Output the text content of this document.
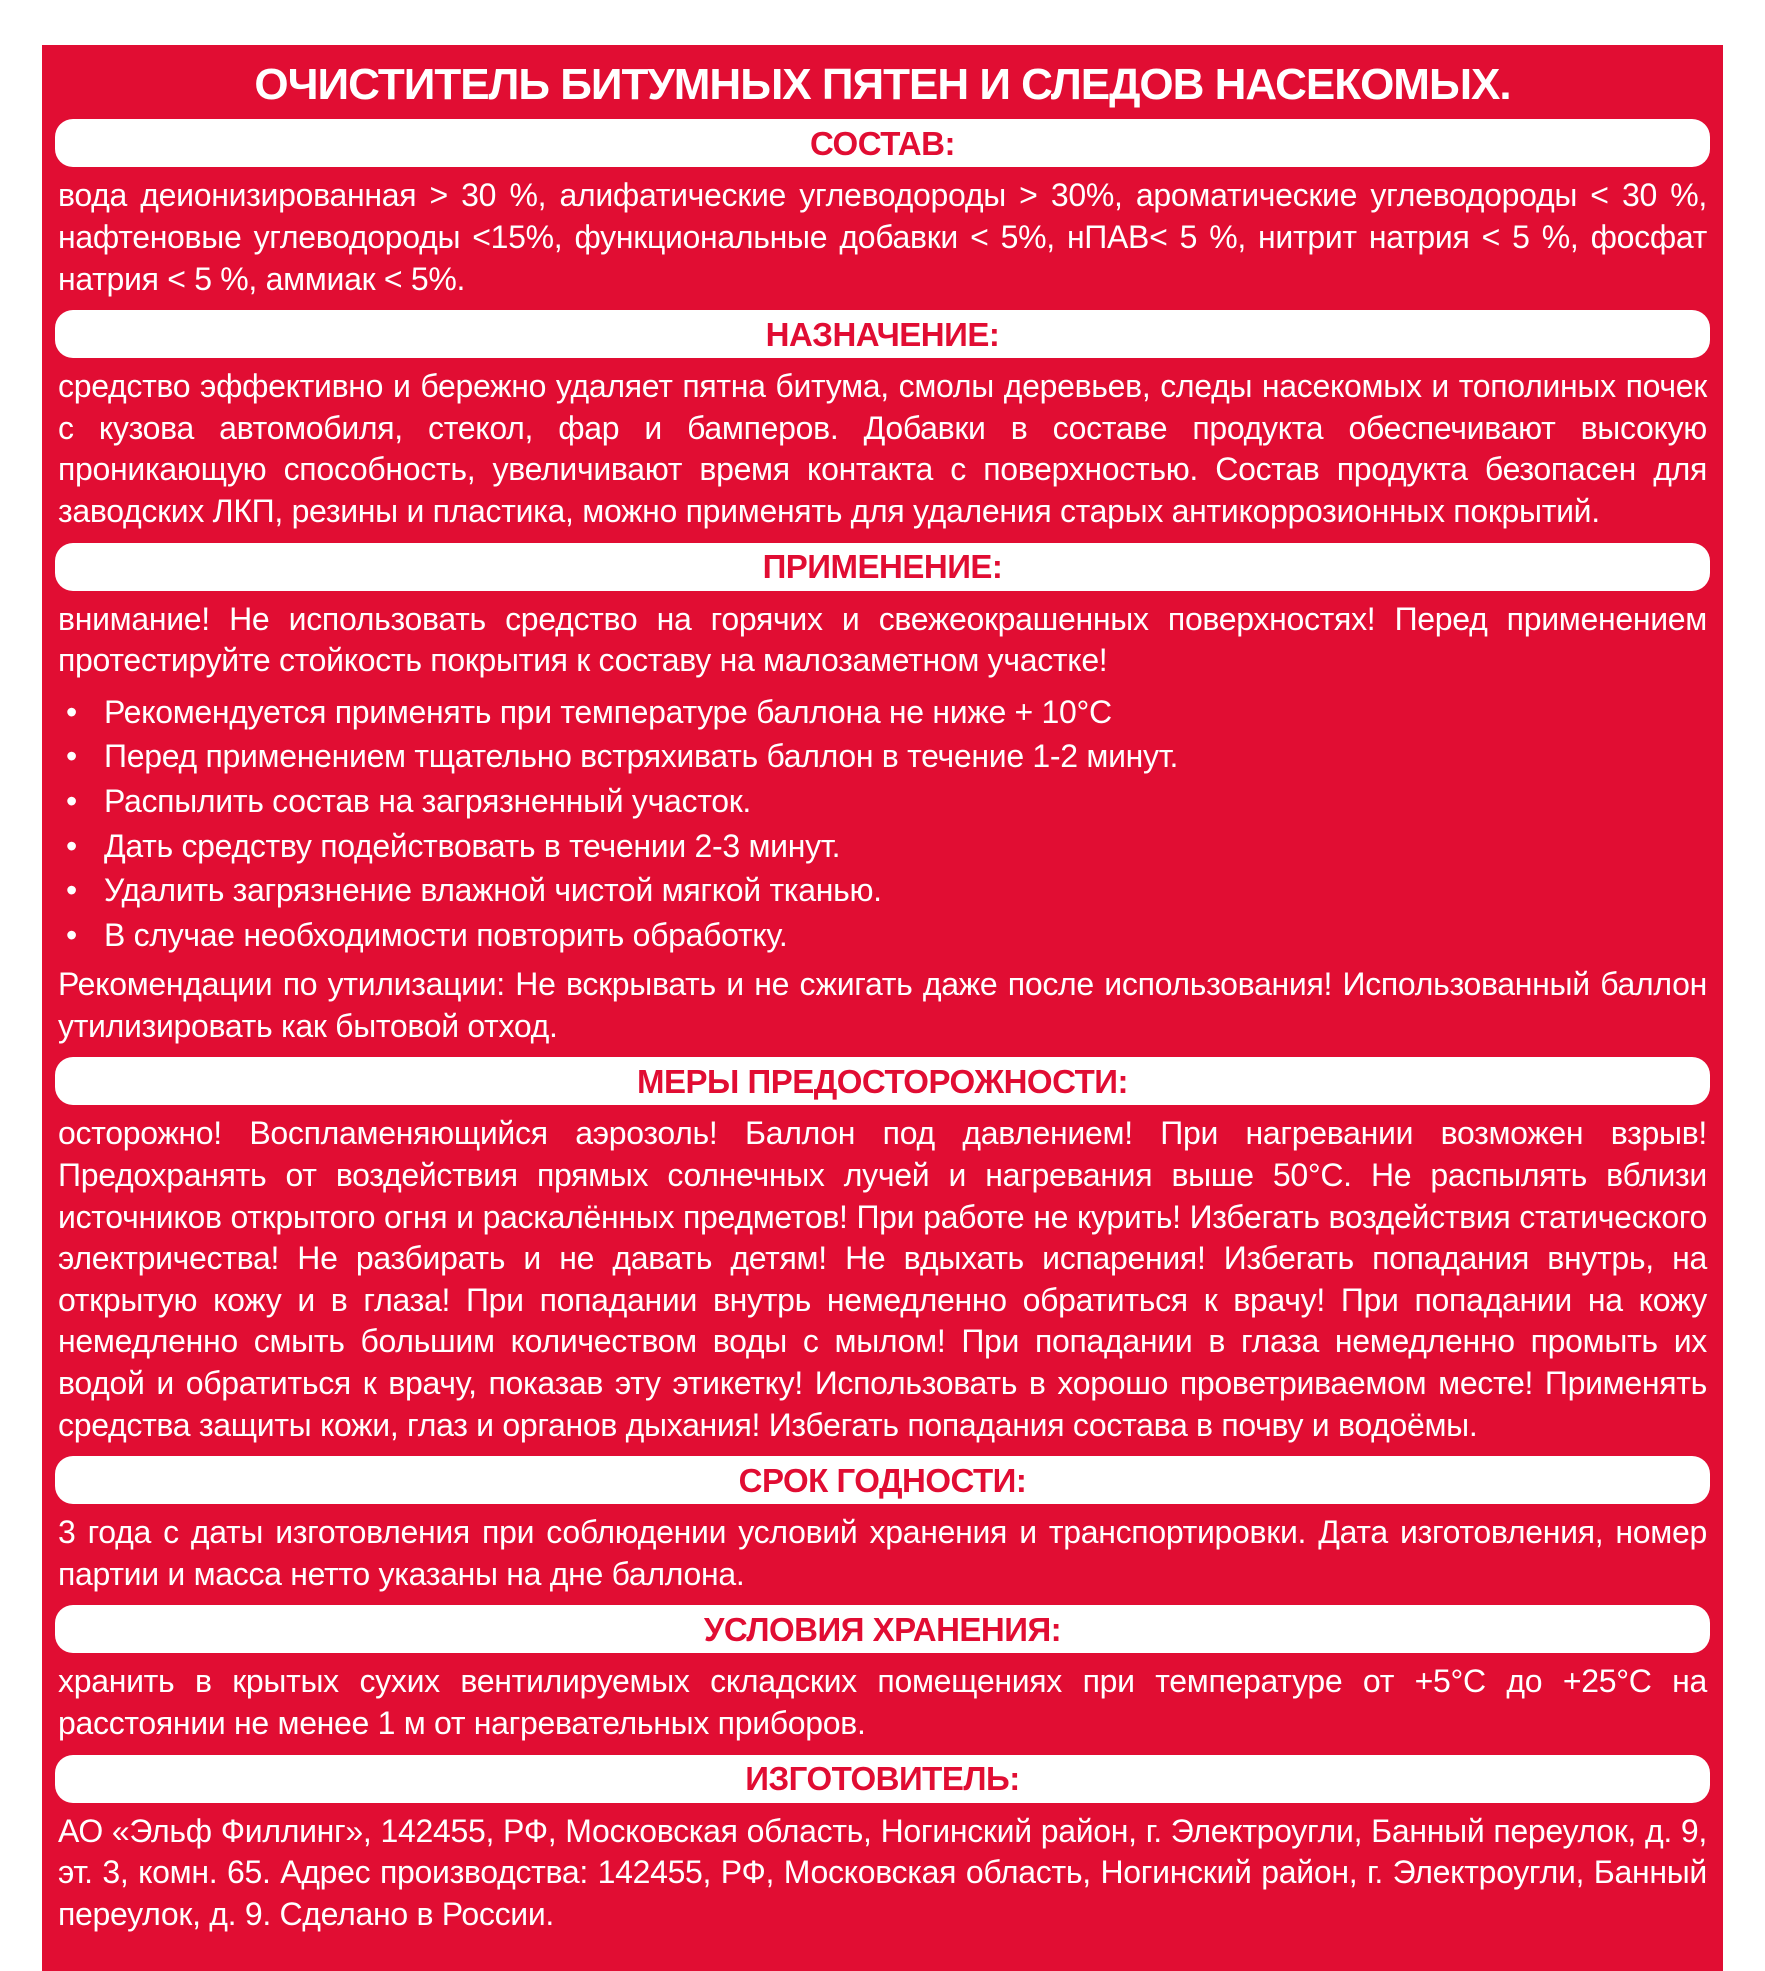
ОЧИСТИТЕЛЬ БИТУМНЫХ ПЯТЕН И СЛЕДОВ НАСЕКОМЫХ.
СОСТАВ:

вода деионизированная > 30 %, алифатические углеводороды > 30%, ароматические углеводороды < 30 %, нафтеновые углеводороды <15%, функциональные добавки < 5%, нПАВ< 5 %, нитрит натрия < 5 %, фосфат натрия < 5 %, аммиак < 5%.

НАЗНАЧЕНИЕ:

средство эффективно и бережно удаляет пятна битума, смолы деревьев, следы насекомых и тополиных почек с кузова автомобиля, стекол, фар и бамперов. Добавки в составе продукта обеспечивают высокую проникающую способность, увеличивают время контакта с поверхностью. Состав продукта безопасен для заводских ЛКП, резины и пластика, можно применять для удаления старых антикоррозионных покрытий.

ПРИМЕНЕНИЕ:

внимание! Не использовать средство на горячих и свежеокрашенных поверхностях! Перед применением протестируйте стойкость покрытия к составу на малозаметном участке!

• Рекомендуется применять при температуре баллона не ниже + 10°С
• Перед применением тщательно встряхивать баллон в течение 1-2 минут.
• Распылить состав на загрязненный участок.
• Дать средству подействовать в течении 2-3 минут.
• Удалить загрязнение влажной чистой мягкой тканью.
• В случае необходимости повторить обработку.

Рекомендации по утилизации: Не вскрывать и не сжигать даже после использования! Использованный баллон утилизировать как бытовой отход.

МЕРЫ ПРЕДОСТОРОЖНОСТИ:

осторожно! Воспламеняющийся аэрозоль! Баллон под давлением! При нагревании возможен взрыв! Предохранять от воздействия прямых солнечных лучей и нагревания выше 50°С. Не распылять вблизи источников открытого огня и раскалённых предметов! При работе не курить! Избегать воздействия статического электричества! Не разбирать и не давать детям! Не вдыхать испарения! Избегать попадания внутрь, на открытую кожу и в глаза! При попадании внутрь немедленно обратиться к врачу! При попадании на кожу немедленно смыть большим количеством воды с мылом! При попадании в глаза немедленно промыть их водой и обратиться к врачу, показав эту этикетку! Использовать в хорошо проветриваемом месте! Применять средства защиты кожи, глаз и органов дыхания! Избегать попадания состава в почву и водоёмы.

СРОК ГОДНОСТИ:

3 года с даты изготовления при соблюдении условий хранения и транспортировки. Дата изготовления, номер партии и масса нетто указаны на дне баллона.

УСЛОВИЯ ХРАНЕНИЯ:

хранить в крытых сухих вентилируемых складских помещениях при температуре от +5°С до +25°С на расстоянии не менее 1 м от нагревательных приборов.

ИЗГОТОВИТЕЛЬ:

АО «Эльф Филлинг», 142455, РФ, Московская область, Ногинский район, г. Электроугли, Банный переулок, д. 9, эт. 3, комн. 65. Адрес производства: 142455, РФ, Московская область, Ногинский район, г. Электроугли, Банный переулок, д. 9. Сделано в России.
